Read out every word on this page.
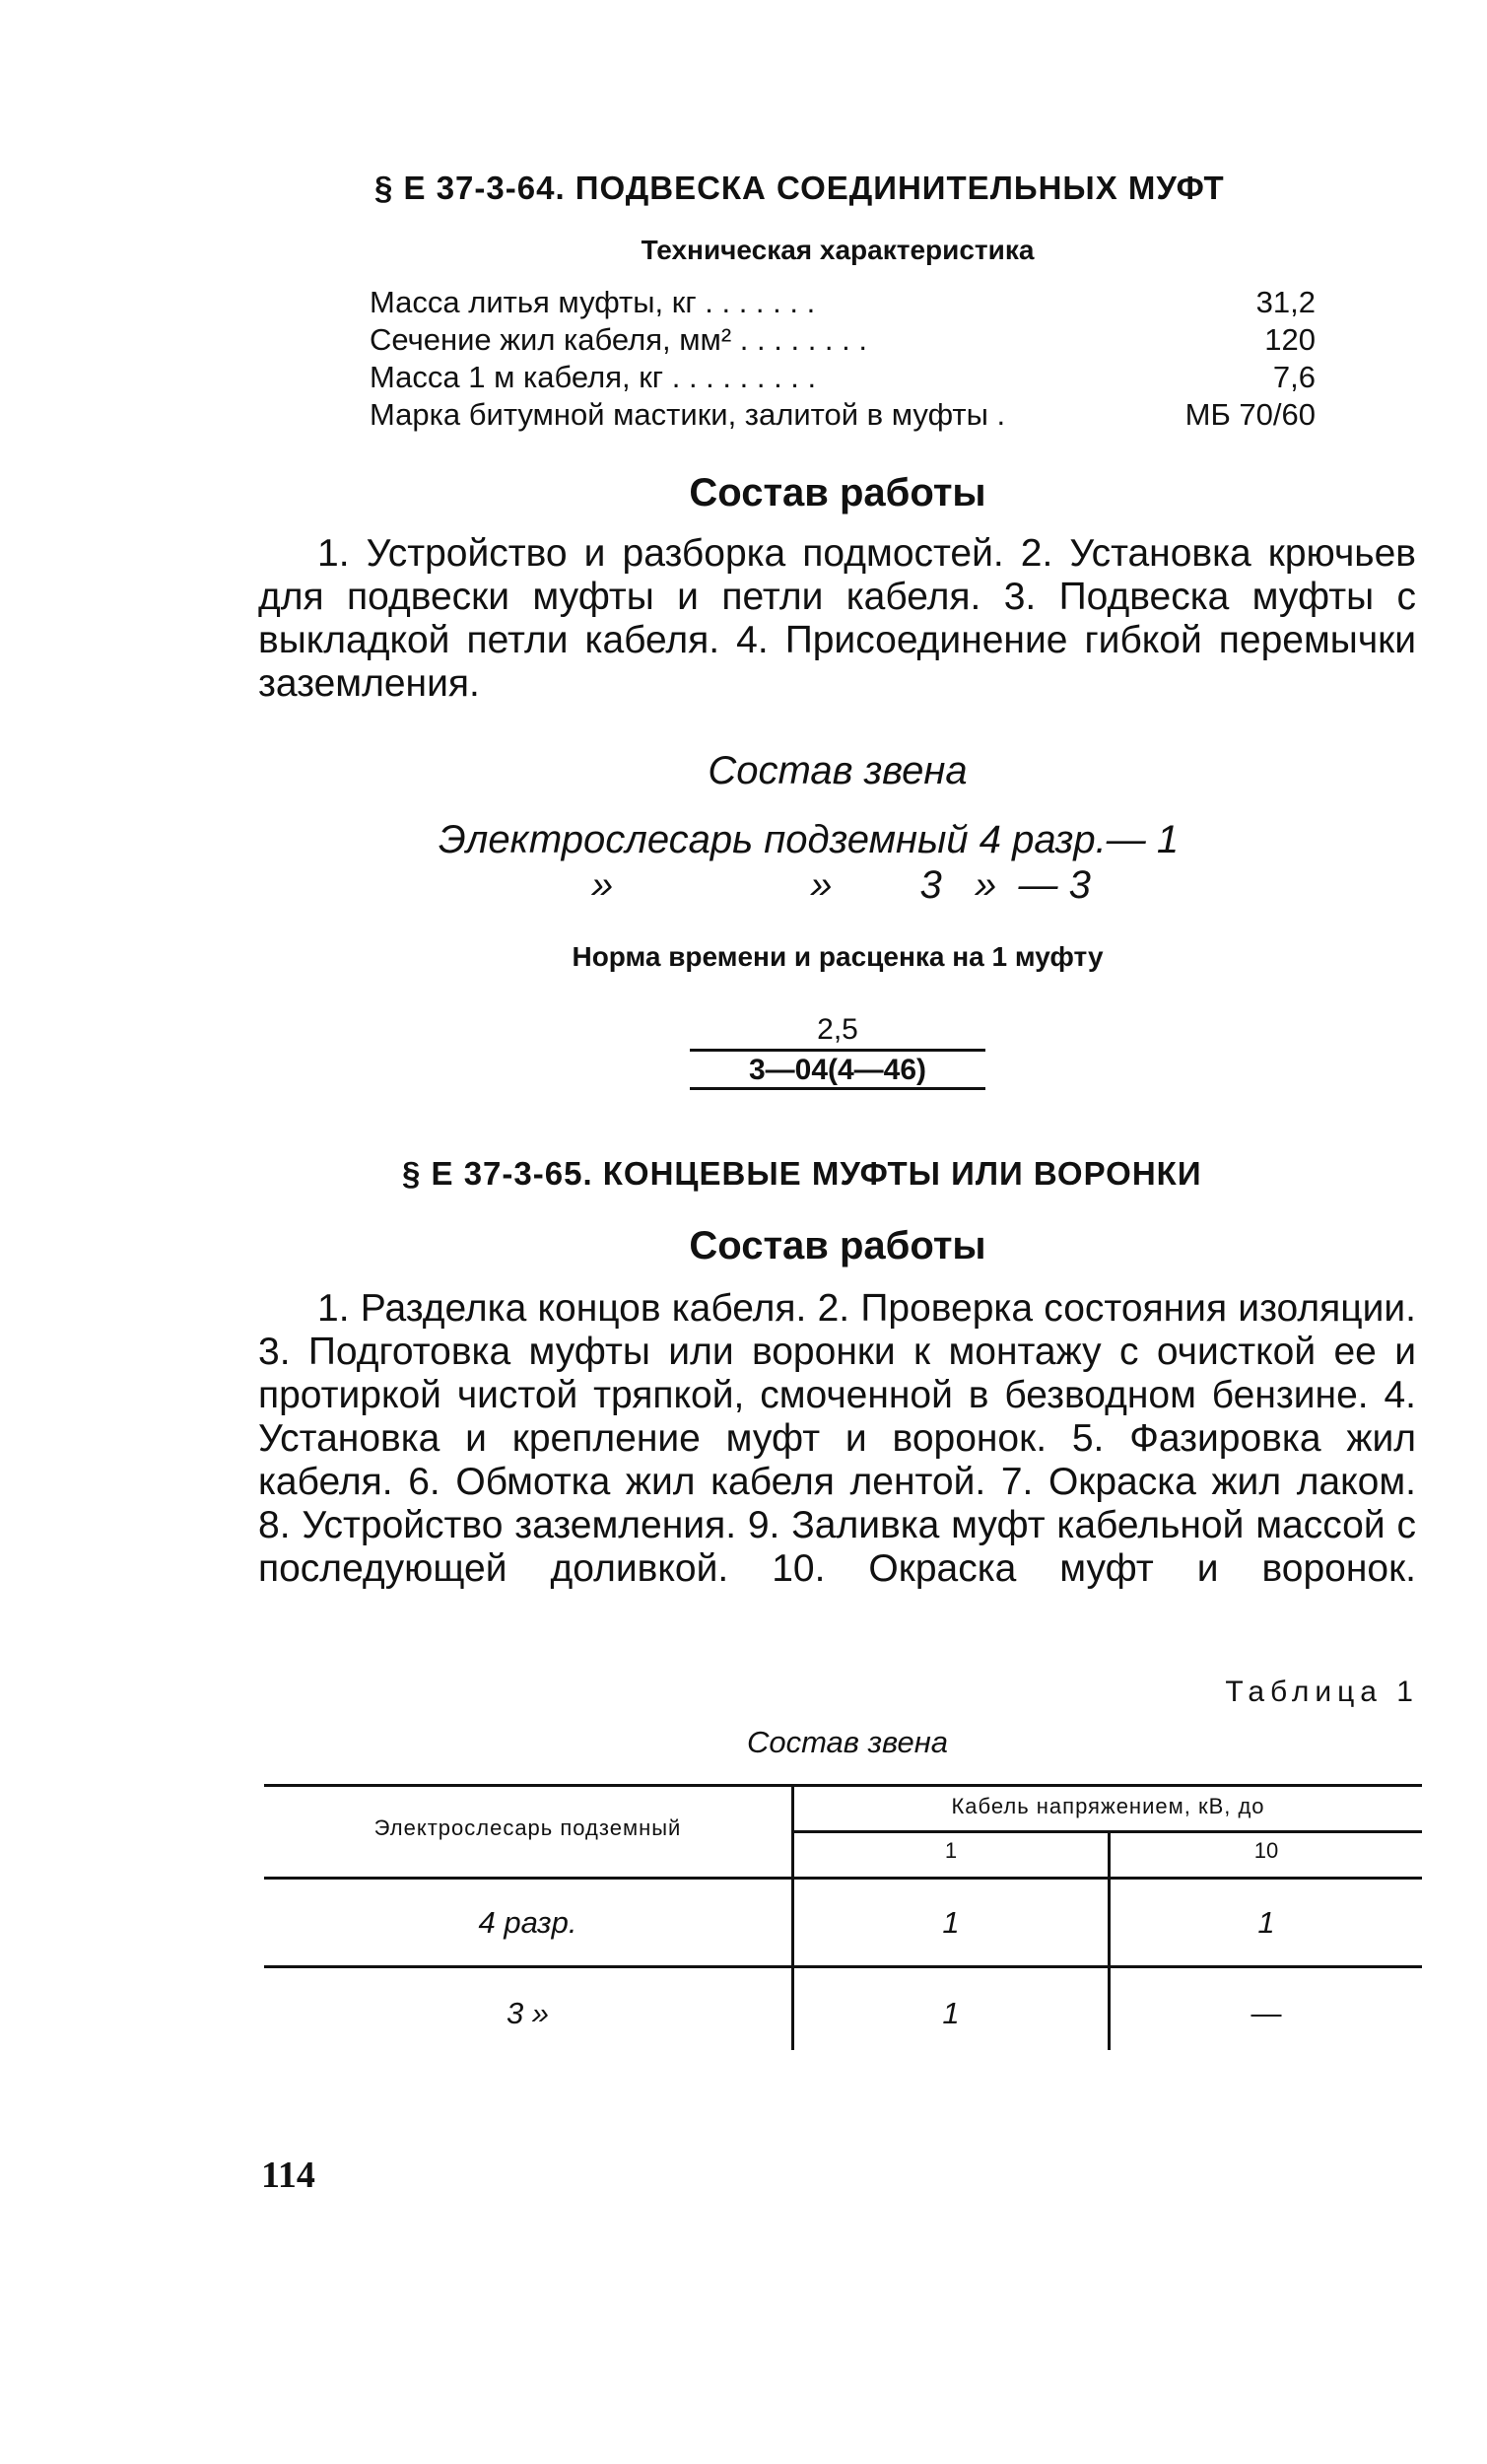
§ Е 37-3-64. ПОДВЕСКА СОЕДИНИТЕЛЬНЫХ МУФТ
Техническая характеристика
Масса литья муфты, кг . . . . . . .	31,2
Сечение жил кабеля, мм² . . . . . . . .	120
Масса 1 м кабеля, кг . . . . . . . . .	7,6
Марка битумной мастики, залитой в муфты .	МБ 70/60
Состав работы
1. Устройство и разборка подмостей. 2. Установка крючьев для подвески муфты и петли кабеля. 3. Подвеска муфты с выкладкой петли кабеля. 4. Присоединение гибкой перемычки заземления.
Состав звена
Электрослесарь подземный 4 разр.— 1
»                  »        3   »  — 3
Норма времени и расценка на 1 муфту
$\frac{2,5}{3—04(4—46)}$
§ Е 37-3-65. КОНЦЕВЫЕ МУФТЫ ИЛИ ВОРОНКИ
Состав работы
1. Разделка концов кабеля. 2. Проверка состояния изоляции. 3. Подготовка муфты или воронки к монтажу с очисткой ее и протиркой чистой тряпкой, смоченной в безводном бензине. 4. Установка и крепление муфт и воронок. 5. Фазировка жил кабеля. 6. Обмотка жил кабеля лентой. 7. Окраска жил лаком. 8. Устройство заземления. 9. Заливка муфт кабельной массой с последующей доливкой. 10. Окраска муфт и воронок.
Таблица 1
Состав звена
Электрослесарь подземный
Кабель напряжением, кВ, до
1	10
4 разр.	1	1
3 »	1	—
114
